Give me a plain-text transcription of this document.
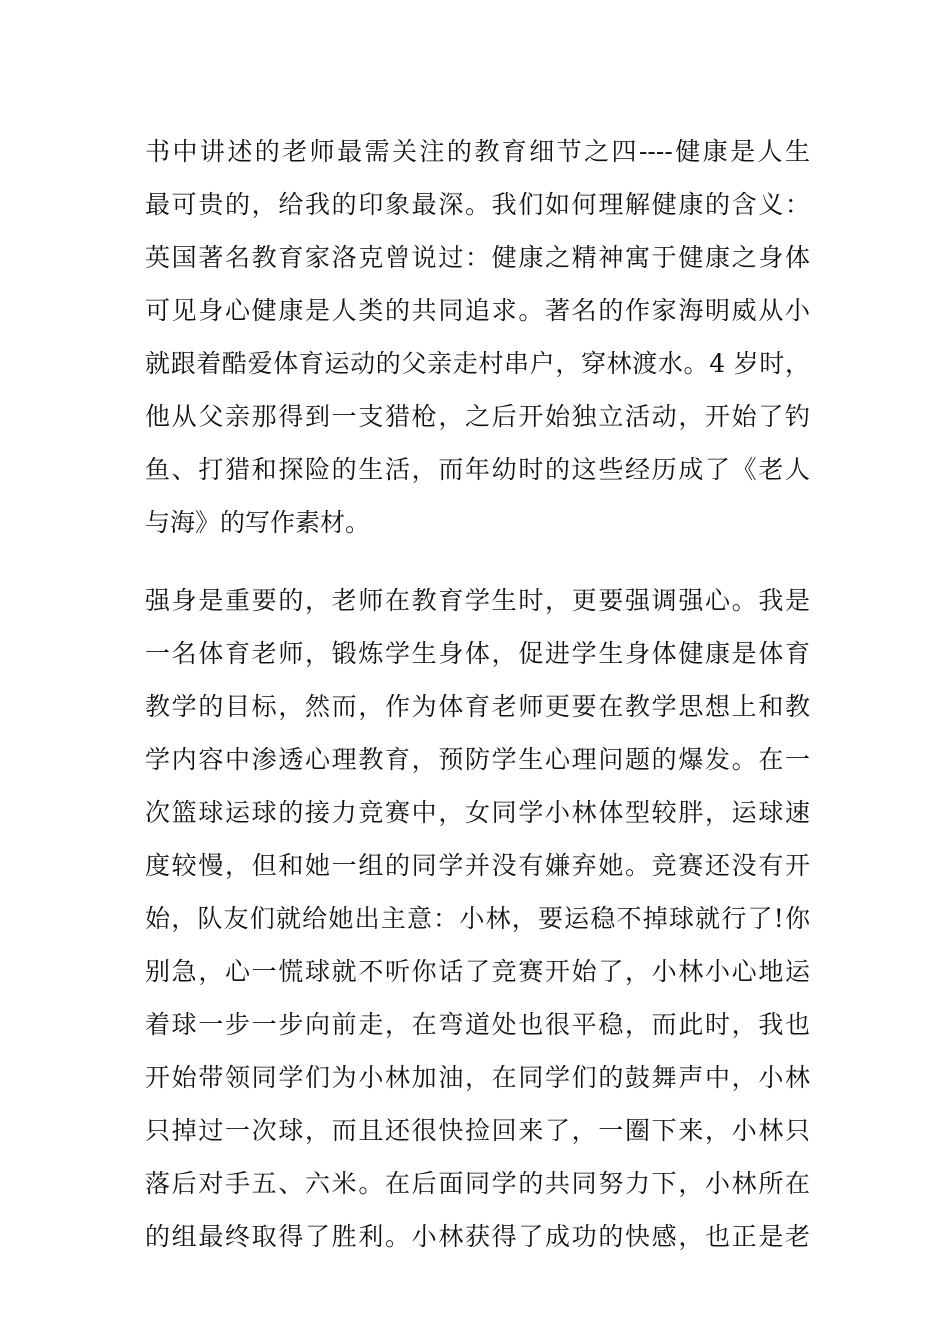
书中讲述的老师最需关注的教育细节之四----健康是人生
最可贵的，给我的印象最深。我们如何理解健康的含义：
英国著名教育家洛克曾说过：健康之精神寓于健康之身体
可见身心健康是人类的共同追求。著名的作家海明威从小
就跟着酷爱体育运动的父亲走村串户，穿林渡水。4 岁时，
他从父亲那得到一支猎枪，之后开始独立活动，开始了钓
鱼、打猎和探险的生活，而年幼时的这些经历成了《老人
与海》的写作素材。
强身是重要的，老师在教育学生时，更要强调强心。我是
一名体育老师，锻炼学生身体，促进学生身体健康是体育
教学的目标，然而，作为体育老师更要在教学思想上和教
学内容中渗透心理教育，预防学生心理问题的爆发。在一
次篮球运球的接力竞赛中，女同学小林体型较胖，运球速
度较慢，但和她一组的同学并没有嫌弃她。竞赛还没有开
始，队友们就给她出主意：小林，要运稳不掉球就行了!你
别急，心一慌球就不听你话了竞赛开始了，小林小心地运
着球一步一步向前走，在弯道处也很平稳，而此时，我也
开始带领同学们为小林加油，在同学们的鼓舞声中，小林
只掉过一次球，而且还很快捡回来了，一圈下来，小林只
落后对手五、六米。在后面同学的共同努力下，小林所在
的组最终取得了胜利。小林获得了成功的快感，也正是老
